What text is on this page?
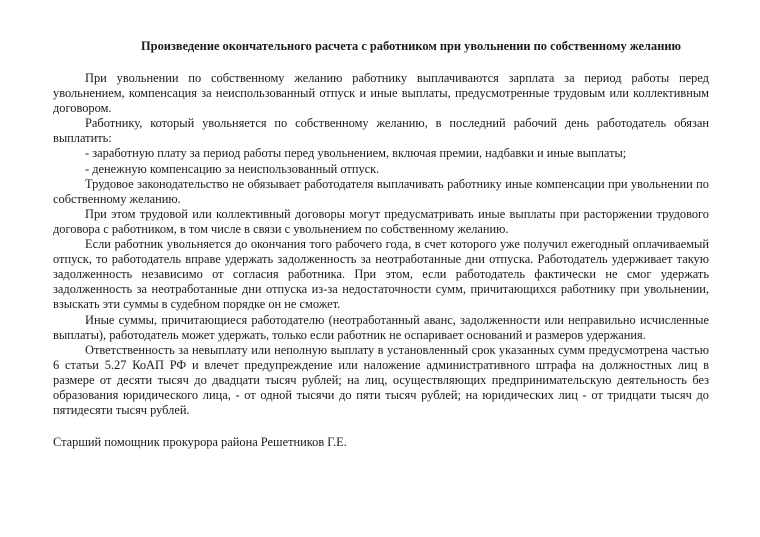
Произведение окончательного расчета с работником при увольнении по собственному желанию

При увольнении по собственному желанию работнику выплачиваются зарплата за период работы перед увольнением, компенсация за неиспользованный отпуск и иные выплаты, предусмотренные трудовым или коллективным договором.

Работнику, который увольняется по собственному желанию, в последний рабочий день работодатель обязан выплатить:

- заработную плату за период работы перед увольнением, включая премии, надбавки и иные выплаты;

- денежную компенсацию за неиспользованный отпуск.

Трудовое законодательство не обязывает работодателя выплачивать работнику иные компенсации при увольнении по собственному желанию.

При этом трудовой или коллективный договоры могут предусматривать иные выплаты при расторжении трудового договора с работником, в том числе в связи с увольнением по собственному желанию.

Если работник увольняется до окончания того рабочего года, в счет которого уже получил ежегодный оплачиваемый отпуск, то работодатель вправе удержать задолженность за неотработанные дни отпуска. Работодатель удерживает такую задолженность независимо от согласия работника. При этом, если работодатель фактически не смог удержать задолженность за неотработанные дни отпуска из-за недостаточности сумм, причитающихся работнику при увольнении, взыскать эти суммы в судебном порядке он не сможет.

Иные суммы, причитающиеся работодателю (неотработанный аванс, задолженности или неправильно исчисленные выплаты), работодатель может удержать, только если работник не оспаривает оснований и размеров удержания.

Ответственность за невыплату или неполную выплату в установленный срок указанных сумм предусмотрена частью 6 статьи 5.27 КоАП РФ и влечет предупреждение или наложение административного штрафа на должностных лиц в размере от десяти тысяч до двадцати тысяч рублей; на лиц, осуществляющих предпринимательскую деятельность без образования юридического лица, - от одной тысячи до пяти тысяч рублей; на юридических лиц - от тридцати тысяч до пятидесяти тысяч рублей.

Старший помощник прокурора района Решетников Г.Е.
